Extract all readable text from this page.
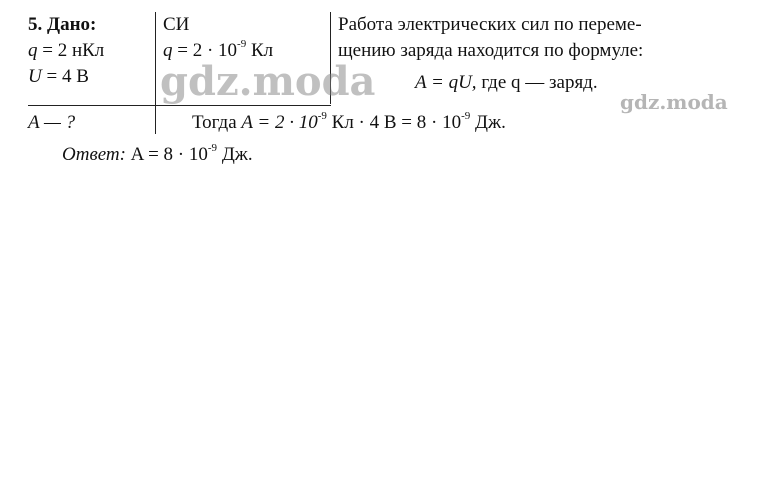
5. Дано:
q = 2 нКл
U = 4 В
A — ?
СИ
$q = 2 \cdot 10^{-9}$ Кл
Работа электрических сил по переме-
щению заряда находится по формуле:
A = qU, где q — заряд.
Тогда $A = 2 \cdot 10^{-9}$ Кл · 4 $В = 8 \cdot 10^{-9}$ Дж.
Ответ: $A = 8 \cdot 10^{-9}$ Дж.
gdz.moda	gdz.moda
